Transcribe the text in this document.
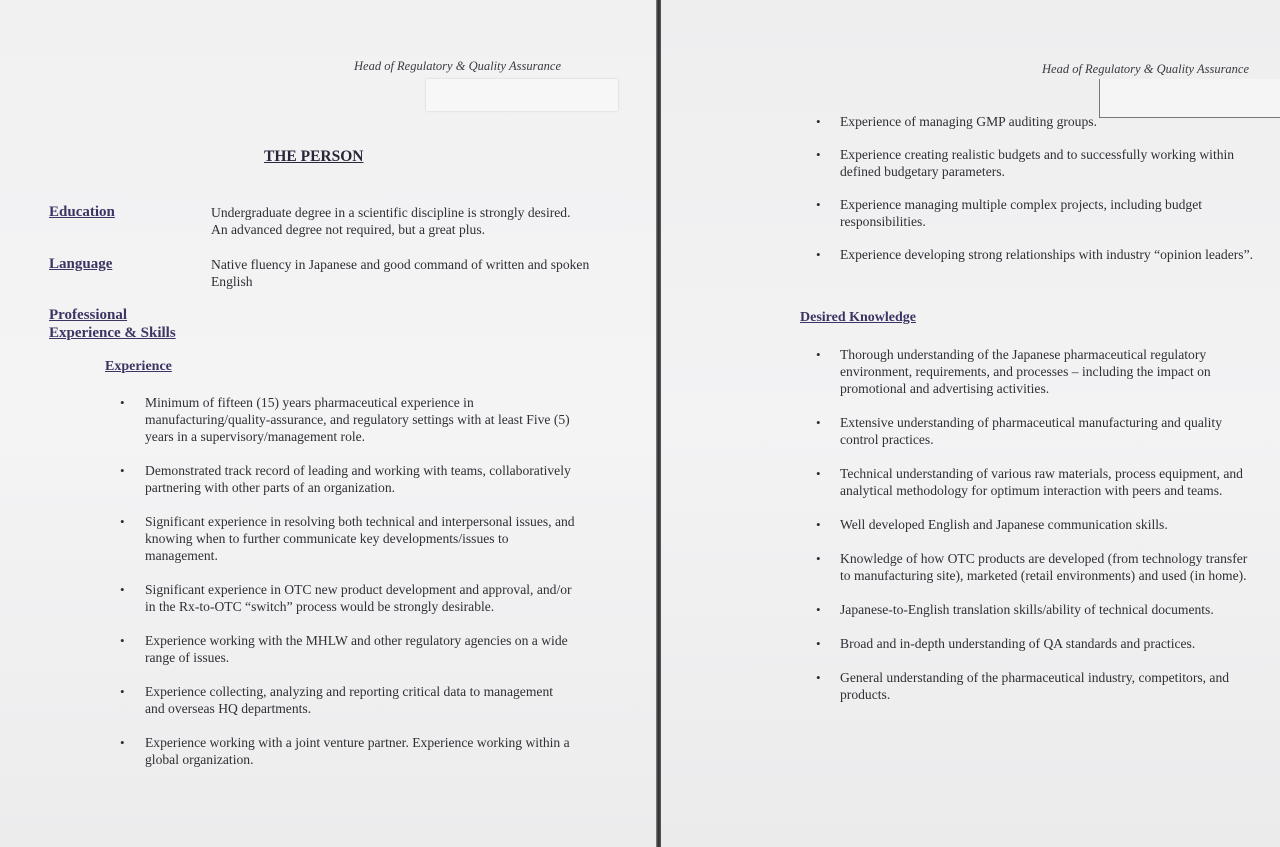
Head of Regulatory & Quality Assurance
THE PERSON
Education	Undergraduate degree in a scientific discipline is strongly desired. An advanced degree not required, but a great plus.
Language	Native fluency in Japanese and good command of written and spoken English
Professional
Experience & Skills
Experience
• Minimum of fifteen (15) years pharmaceutical experience in manufacturing/quality-assurance, and regulatory settings with at least Five (5) years in a supervisory/management role.
• Demonstrated track record of leading and working with teams, collaboratively partnering with other parts of an organization.
• Significant experience in resolving both technical and interpersonal issues, and knowing when to further communicate key developments/issues to management.
• Significant experience in OTC new product development and approval, and/or in the Rx-to-OTC “switch” process would be strongly desirable.
• Experience working with the MHLW and other regulatory agencies on a wide range of issues.
• Experience collecting, analyzing and reporting critical data to management and overseas HQ departments.
• Experience working with a joint venture partner. Experience working within a global organization.
Head of Regulatory & Quality Assurance
• Experience of managing GMP auditing groups.
• Experience creating realistic budgets and to successfully working within defined budgetary parameters.
• Experience managing multiple complex projects, including budget responsibilities.
• Experience developing strong relationships with industry “opinion leaders”.
Desired Knowledge
• Thorough understanding of the Japanese pharmaceutical regulatory environment, requirements, and processes – including the impact on promotional and advertising activities.
• Extensive understanding of pharmaceutical manufacturing and quality control practices.
• Technical understanding of various raw materials, process equipment, and analytical methodology for optimum interaction with peers and teams.
• Well developed English and Japanese communication skills.
• Knowledge of how OTC products are developed (from technology transfer to manufacturing site), marketed (retail environments) and used (in home).
• Japanese-to-English translation skills/ability of technical documents.
• Broad and in-depth understanding of QA standards and practices.
• General understanding of the pharmaceutical industry, competitors, and products.
